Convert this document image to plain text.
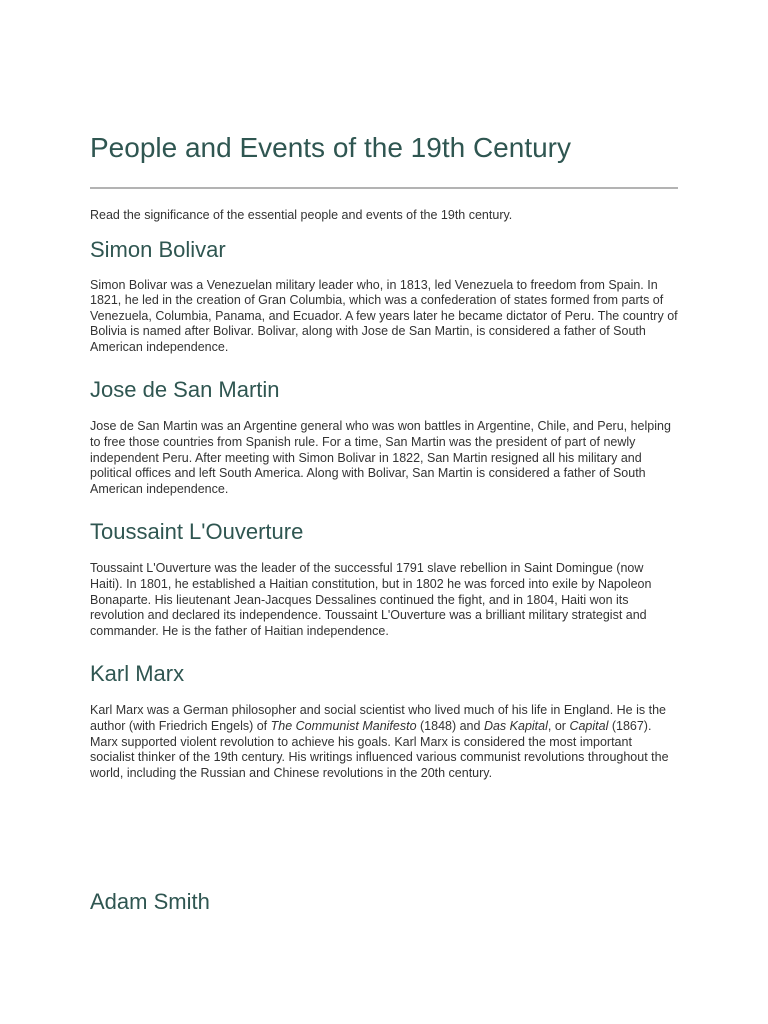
People and Events of the 19th Century

Read the significance of the essential people and events of the 19th century.

Simon Bolivar

Simon Bolivar was a Venezuelan military leader who, in 1813, led Venezuela to freedom from Spain. In 1821, he led in the creation of Gran Columbia, which was a confederation of states formed from parts of Venezuela, Columbia, Panama, and Ecuador. A few years later he became dictator of Peru. The country of Bolivia is named after Bolivar. Bolivar, along with Jose de San Martin, is considered a father of South American independence.

Jose de San Martin

Jose de San Martin was an Argentine general who was won battles in Argentine, Chile, and Peru, helping to free those countries from Spanish rule. For a time, San Martin was the president of part of newly independent Peru. After meeting with Simon Bolivar in 1822, San Martin resigned all his military and political offices and left South America. Along with Bolivar, San Martin is considered a father of South American independence.

Toussaint L'Ouverture

Toussaint L'Ouverture was the leader of the successful 1791 slave rebellion in Saint Domingue (now Haiti). In 1801, he established a Haitian constitution, but in 1802 he was forced into exile by Napoleon Bonaparte. His lieutenant Jean-Jacques Dessalines continued the fight, and in 1804, Haiti won its revolution and declared its independence. Toussaint L'Ouverture was a brilliant military strategist and commander. He is the father of Haitian independence.

Karl Marx

Karl Marx was a German philosopher and social scientist who lived much of his life in England. He is the author (with Friedrich Engels) of The Communist Manifesto (1848) and Das Kapital, or Capital (1867). Marx supported violent revolution to achieve his goals. Karl Marx is considered the most important socialist thinker of the 19th century. His writings influenced various communist revolutions throughout the world, including the Russian and Chinese revolutions in the 20th century.

Adam Smith
